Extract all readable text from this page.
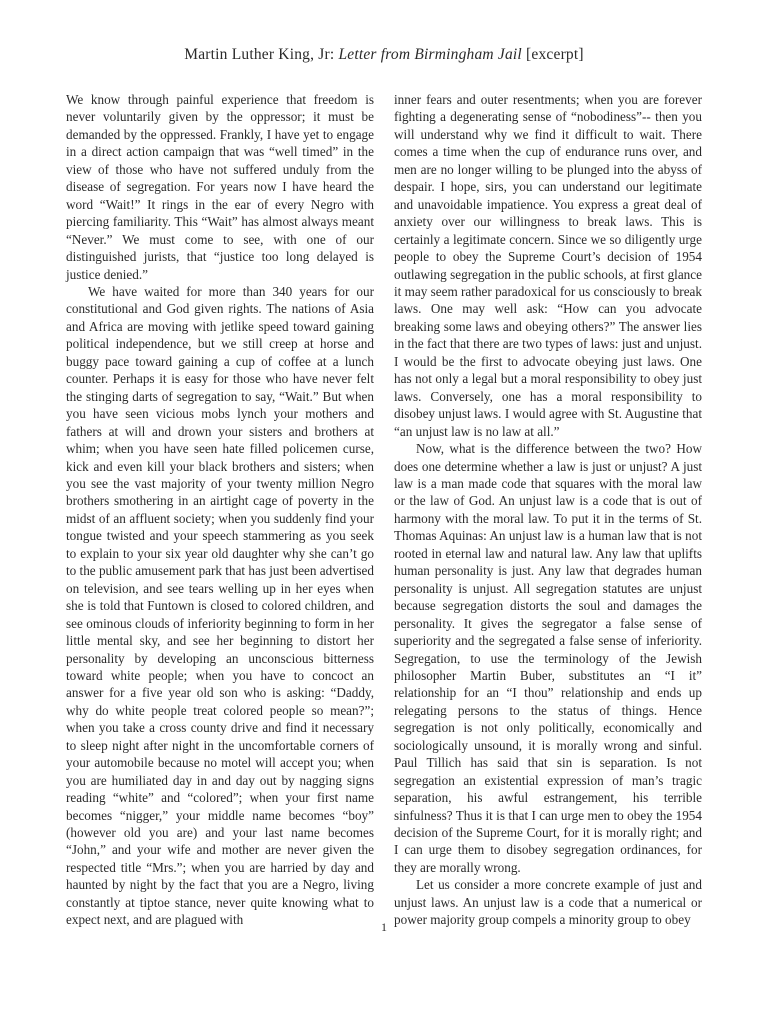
Martin Luther King, Jr: Letter from Birmingham Jail [excerpt]

We know through painful experience that freedom is never voluntarily given by the oppressor; it must be demanded by the oppressed. Frankly, I have yet to engage in a direct action campaign that was “well timed” in the view of those who have not suffered unduly from the disease of segregation. For years now I have heard the word “Wait!” It rings in the ear of every Negro with piercing familiarity. This “Wait” has almost always meant “Never.” We must come to see, with one of our distinguished jurists, that “justice too long delayed is justice denied.”

We have waited for more than 340 years for our constitutional and God given rights. The nations of Asia and Africa are moving with jetlike speed toward gaining political independence, but we still creep at horse and buggy pace toward gaining a cup of coffee at a lunch counter. Perhaps it is easy for those who have never felt the stinging darts of segregation to say, “Wait.” But when you have seen vicious mobs lynch your mothers and fathers at will and drown your sisters and brothers at whim; when you have seen hate filled policemen curse, kick and even kill your black brothers and sisters; when you see the vast majority of your twenty million Negro brothers smothering in an airtight cage of poverty in the midst of an affluent society; when you suddenly find your tongue twisted and your speech stammering as you seek to explain to your six year old daughter why she can’t go to the public amusement park that has just been advertised on television, and see tears welling up in her eyes when she is told that Funtown is closed to colored children, and see ominous clouds of inferiority beginning to form in her little mental sky, and see her beginning to distort her personality by developing an unconscious bitterness toward white people; when you have to concoct an answer for a five year old son who is asking: “Daddy, why do white people treat colored people so mean?”; when you take a cross county drive and find it necessary to sleep night after night in the uncomfortable corners of your automobile because no motel will accept you; when you are humiliated day in and day out by nagging signs reading “white” and “colored”; when your first name becomes “nigger,” your middle name becomes “boy” (however old you are) and your last name becomes “John,” and your wife and mother are never given the respected title “Mrs.”; when you are harried by day and haunted by night by the fact that you are a Negro, living constantly at tiptoe stance, never quite knowing what to expect next, and are plagued with

inner fears and outer resentments; when you are forever fighting a degenerating sense of “nobodiness”-- then you will understand why we find it difficult to wait. There comes a time when the cup of endurance runs over, and men are no longer willing to be plunged into the abyss of despair. I hope, sirs, you can understand our legitimate and unavoidable impatience. You express a great deal of anxiety over our willingness to break laws. This is certainly a legitimate concern. Since we so diligently urge people to obey the Supreme Court’s decision of 1954 outlawing segregation in the public schools, at first glance it may seem rather paradoxical for us consciously to break laws. One may well ask: “How can you advocate breaking some laws and obeying others?” The answer lies in the fact that there are two types of laws: just and unjust. I would be the first to advocate obeying just laws. One has not only a legal but a moral responsibility to obey just laws. Conversely, one has a moral responsibility to disobey unjust laws. I would agree with St. Augustine that “an unjust law is no law at all.”

Now, what is the difference between the two? How does one determine whether a law is just or unjust? A just law is a man made code that squares with the moral law or the law of God. An unjust law is a code that is out of harmony with the moral law. To put it in the terms of St. Thomas Aquinas: An unjust law is a human law that is not rooted in eternal law and natural law. Any law that uplifts human personality is just. Any law that degrades human personality is unjust. All segregation statutes are unjust because segregation distorts the soul and damages the personality. It gives the segregator a false sense of superiority and the segregated a false sense of inferiority. Segregation, to use the terminology of the Jewish philosopher Martin Buber, substitutes an “I it” relationship for an “I thou” relationship and ends up relegating persons to the status of things. Hence segregation is not only politically, economically and sociologically unsound, it is morally wrong and sinful. Paul Tillich has said that sin is separation. Is not segregation an existential expression of man’s tragic separation, his awful estrangement, his terrible sinfulness? Thus it is that I can urge men to obey the 1954 decision of the Supreme Court, for it is morally right; and I can urge them to disobey segregation ordinances, for they are morally wrong.

Let us consider a more concrete example of just and unjust laws. An unjust law is a code that a numerical or power majority group compels a minority group to obey

1
